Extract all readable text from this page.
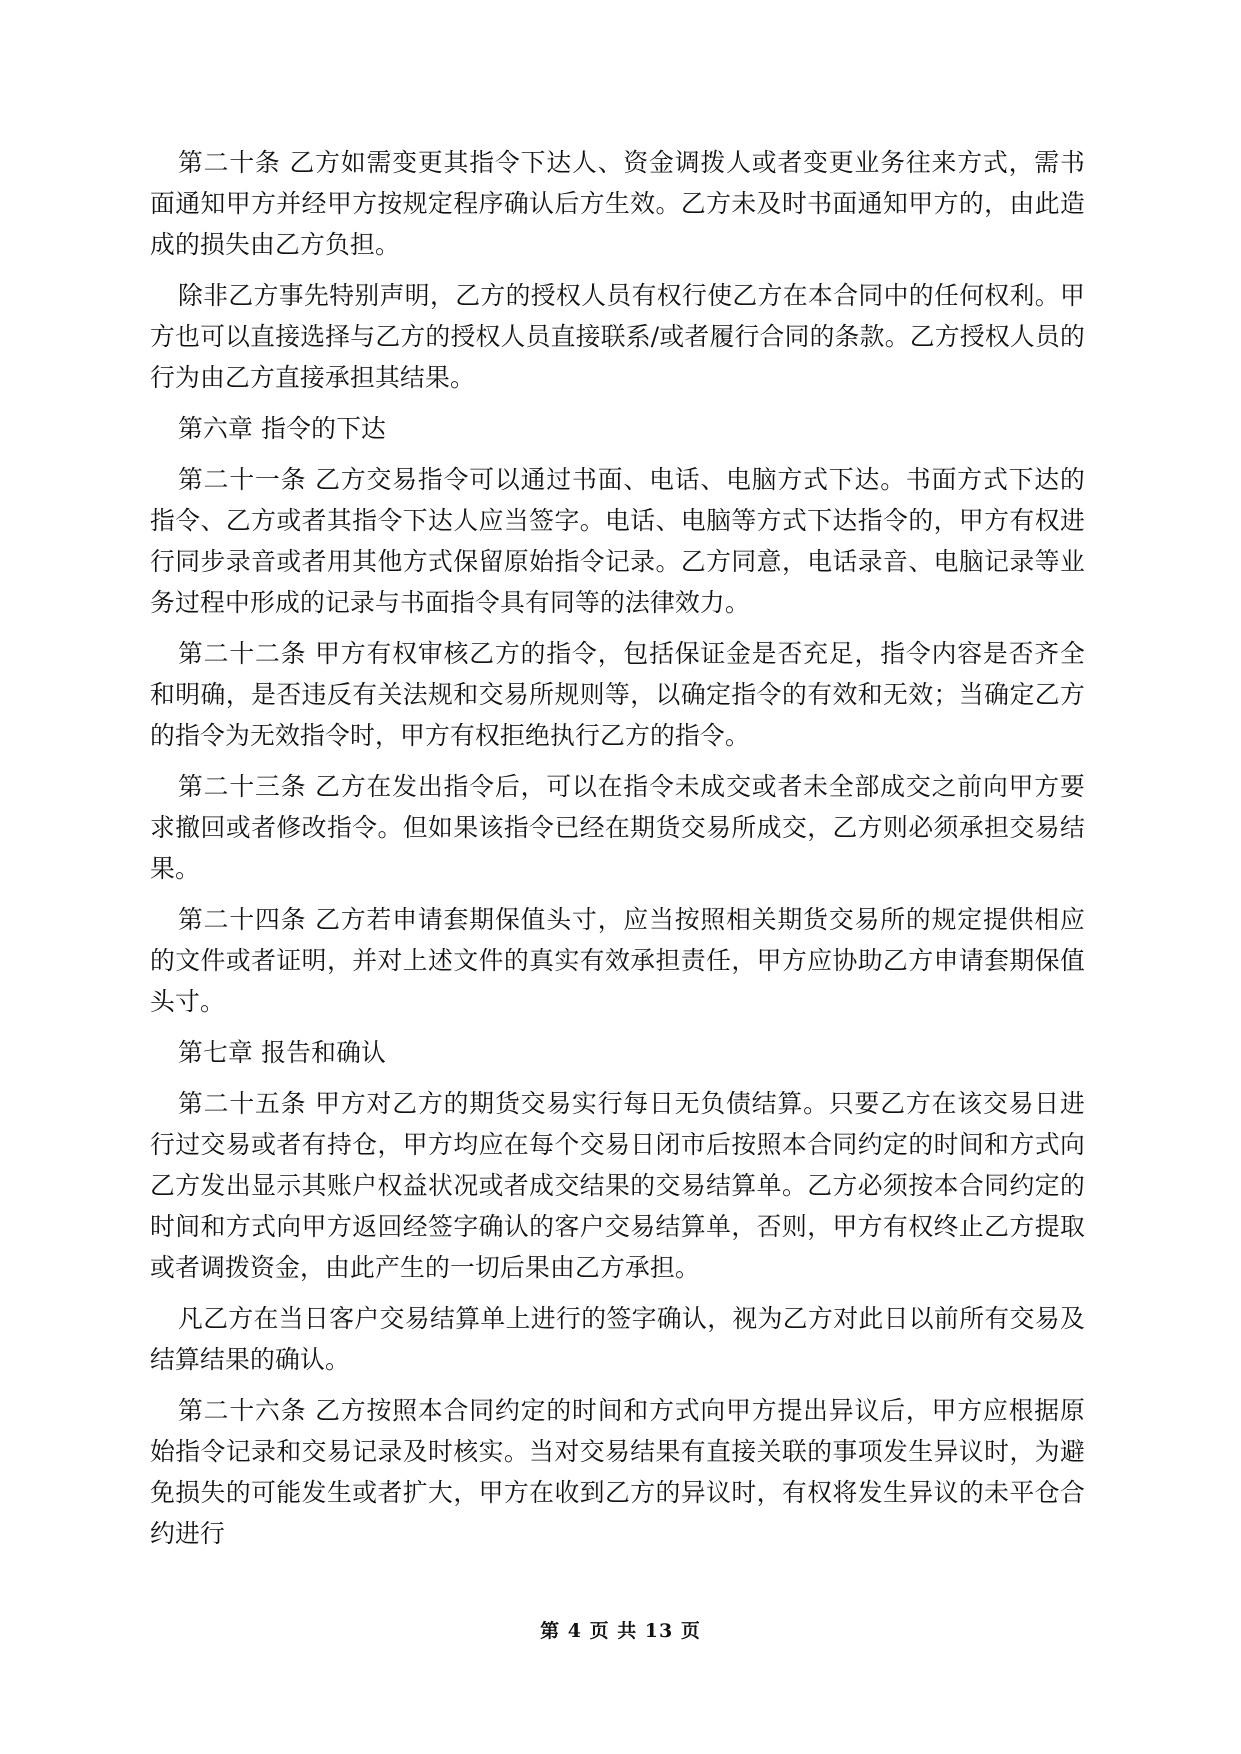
第二十条 乙方如需变更其指令下达人、资金调拨人或者变更业务往来方式，需书面通知甲方并经甲方按规定程序确认后方生效。乙方未及时书面通知甲方的，由此造成的损失由乙方负担。

除非乙方事先特别声明，乙方的授权人员有权行使乙方在本合同中的任何权利。甲方也可以直接选择与乙方的授权人员直接联系/或者履行合同的条款。乙方授权人员的行为由乙方直接承担其结果。

第六章 指令的下达

第二十一条 乙方交易指令可以通过书面、电话、电脑方式下达。书面方式下达的指令、乙方或者其指令下达人应当签字。电话、电脑等方式下达指令的，甲方有权进行同步录音或者用其他方式保留原始指令记录。乙方同意，电话录音、电脑记录等业务过程中形成的记录与书面指令具有同等的法律效力。

第二十二条 甲方有权审核乙方的指令，包括保证金是否充足，指令内容是否齐全和明确，是否违反有关法规和交易所规则等，以确定指令的有效和无效；当确定乙方的指令为无效指令时，甲方有权拒绝执行乙方的指令。

第二十三条 乙方在发出指令后，可以在指令未成交或者未全部成交之前向甲方要求撤回或者修改指令。但如果该指令已经在期货交易所成交，乙方则必须承担交易结果。

第二十四条 乙方若申请套期保值头寸，应当按照相关期货交易所的规定提供相应的文件或者证明，并对上述文件的真实有效承担责任，甲方应协助乙方申请套期保值头寸。

第七章 报告和确认

第二十五条 甲方对乙方的期货交易实行每日无负债结算。只要乙方在该交易日进行过交易或者有持仓，甲方均应在每个交易日闭市后按照本合同约定的时间和方式向乙方发出显示其账户权益状况或者成交结果的交易结算单。乙方必须按本合同约定的时间和方式向甲方返回经签字确认的客户交易结算单，否则，甲方有权终止乙方提取或者调拨资金，由此产生的一切后果由乙方承担。

凡乙方在当日客户交易结算单上进行的签字确认，视为乙方对此日以前所有交易及结算结果的确认。

第二十六条 乙方按照本合同约定的时间和方式向甲方提出异议后，甲方应根据原始指令记录和交易记录及时核实。当对交易结果有直接关联的事项发生异议时，为避免损失的可能发生或者扩大，甲方在收到乙方的异议时，有权将发生异议的未平仓合约进行

第 4 页 共 13 页
